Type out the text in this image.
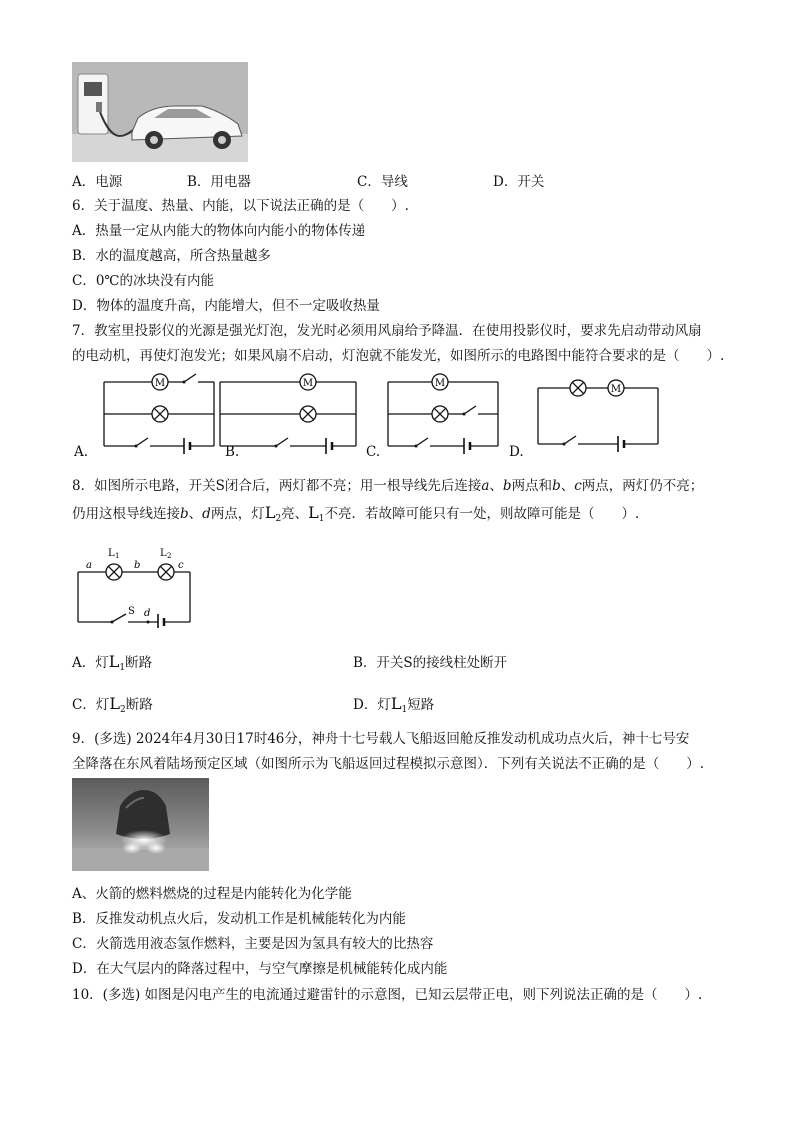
A．电源	B．用电器	C．导线	D．开关
6．关于温度、热量、内能，以下说法正确的是（　　）.
A．热量一定从内能大的物体向内能小的物体传递
B．水的温度越高，所含热量越多
C．0℃的冰块没有内能
D．物体的温度升高，内能增大，但不一定吸收热量
7．教室里投影仪的光源是强光灯泡，发光时必须用风扇给予降温．在使用投影仪时，要求先启动带动风扇
的电动机，再使灯泡发光；如果风扇不启动，灯泡就不能发光，如图所示的电路图中能符合要求的是（　　）.
M
A.
M
B.
M
C.
M
D.
8．如图所示电路，开关S闭合后，两灯都不亮；用一根导线先后连接a、b两点和b、c两点，两灯仍不亮；
仍用这根导线连接b、d两点，灯$L_2$亮、$L_1$不亮．若故障可能只有一处，则故障可能是（　　）.
L 1	L 2
a	b	c
d
S
A．灯$L_1$断路	B．开关S的接线柱处断开
C．灯$L_2$断路	D．灯$L_1$短路
9．(多选) 2024年4月30日17时46分，神舟十七号载人飞船返回舱反推发动机成功点火后，神十七号安
全降落在东风着陆场预定区域（如图所示为飞船返回过程模拟示意图）．下列有关说法不正确的是（　　）.
A、火箭的燃料燃烧的过程是内能转化为化学能
B．反推发动机点火后，发动机工作是机械能转化为内能
C．火箭选用液态氢作燃料，主要是因为氢具有较大的比热容
D．在大气层内的降落过程中，与空气摩擦是机械能转化成内能
10．(多选) 如图是闪电产生的电流通过避雷针的示意图，已知云层带正电，则下列说法正确的是（　　）.
